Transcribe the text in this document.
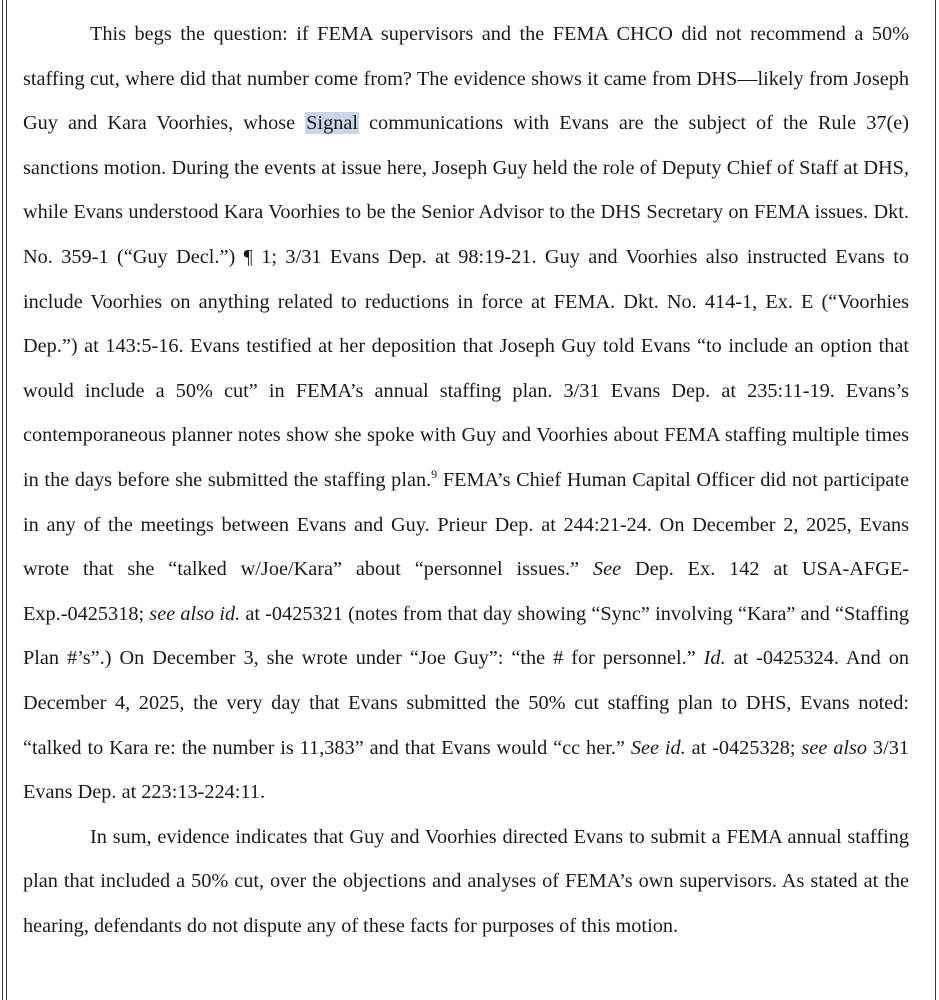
This begs the question: if FEMA supervisors and the FEMA CHCO did not recommend a 50% staffing cut, where did that number come from? The evidence shows it came from DHS—likely from Joseph Guy and Kara Voorhies, whose Signal communications with Evans are the subject of the Rule 37(e) sanctions motion. During the events at issue here, Joseph Guy held the role of Deputy Chief of Staff at DHS, while Evans understood Kara Voorhies to be the Senior Advisor to the DHS Secretary on FEMA issues. Dkt. No. 359-1 (“Guy Decl.”) ¶ 1; 3/31 Evans Dep. at 98:19-21. Guy and Voorhies also instructed Evans to include Voorhies on anything related to reductions in force at FEMA. Dkt. No. 414-1, Ex. E (“Voorhies Dep.”) at 143:5-16. Evans testified at her deposition that Joseph Guy told Evans “to include an option that would include a 50% cut” in FEMA’s annual staffing plan. 3/31 Evans Dep. at 235:11-19. Evans’s contemporaneous planner notes show she spoke with Guy and Voorhies about FEMA staffing multiple times in the days before she submitted the staffing plan.$^9$ FEMA’s Chief Human Capital Officer did not participate in any of the meetings between Evans and Guy. Prieur Dep. at 244:21-24. On December 2, 2025, Evans wrote that she “talked w/Joe/Kara” about “personnel issues.” See Dep. Ex. 142 at USA-AFGE-Exp.-0425318; see also id. at -0425321 (notes from that day showing “Sync” involving “Kara” and “Staffing Plan #’s”.) On December 3, she wrote under “Joe Guy”: “the # for personnel.” Id. at -0425324. And on December 4, 2025, the very day that Evans submitted the 50% cut staffing plan to DHS, Evans noted: “talked to Kara re: the number is 11,383” and that Evans would “cc her.” See id. at -0425328; see also 3/31 Evans Dep. at 223:13-224:11.

In sum, evidence indicates that Guy and Voorhies directed Evans to submit a FEMA annual staffing plan that included a 50% cut, over the objections and analyses of FEMA’s own supervisors. As stated at the hearing, defendants do not dispute any of these facts for purposes of this motion.
